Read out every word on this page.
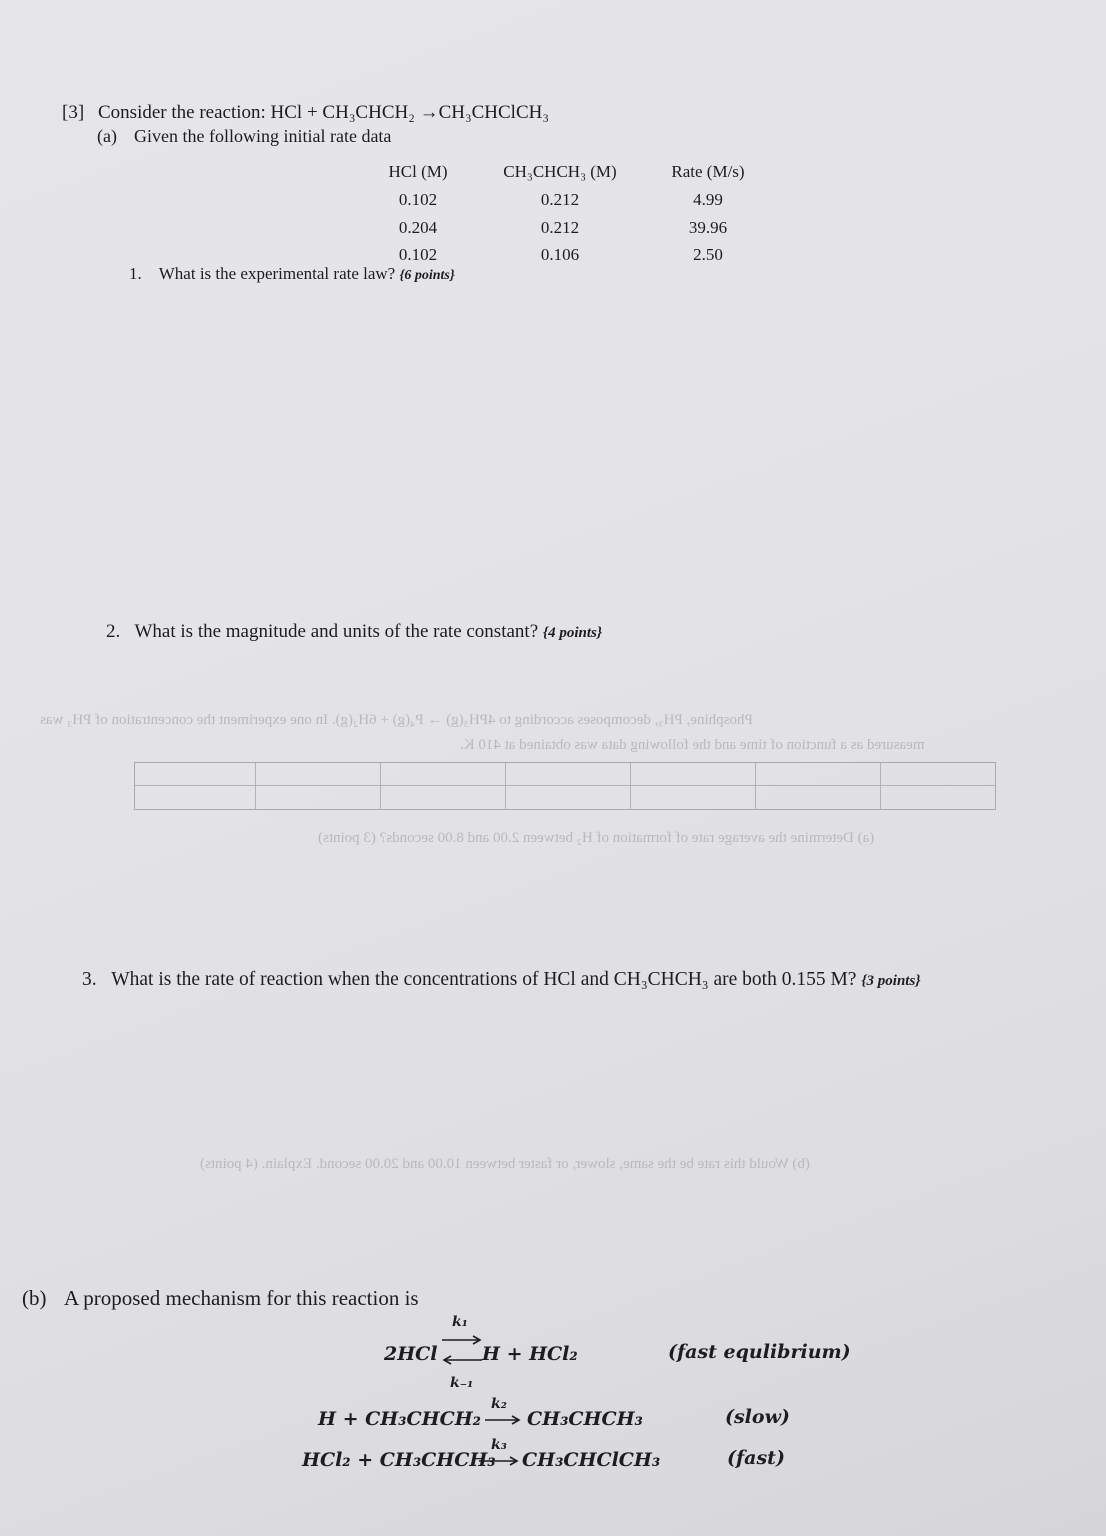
Phosphine, PH₃, decomposes according to 4PH₃(g) → P₄(g) + 6H₂(g). In one experiment the concentration of PH₃ was
measured as a function of time and the following data was obtained at 410 K.
(a) Determine the average rate of formation of H₂ between 2.00 and 8.00 seconds? (3 points)
(b) Would this rate be the same, slower, or faster between 10.00 and 20.00 second. Explain. (4 points)
[3] Consider the reaction: HCl + CH₃CHCH₂ →CH₃CHClCH₃
(a) Given the following initial rate data
HCl (M)	CH₃CHCH₃ (M)	Rate (M/s)
0.102	0.212	4.99
0.204	0.212	39.96
0.102	0.106	2.50
1. What is the experimental rate law? {6 points}
2. What is the magnitude and units of the rate constant? {4 points}
3. What is the rate of reaction when the concentrations of HCl and CH₃CHCH₃ are both 0.155 M? {3 points}
(b) A proposed mechanism for this reaction is
2HCl
k₁
k₋₁
H + HCl₂	(fast equlibrium)
H + CH₃CHCH₂
k₂
→ CH₃CHCH₃	(slow)
HCl₂ + CH₃CHCH₃
k₃
→ CH₃CHClCH₃	(fast)
